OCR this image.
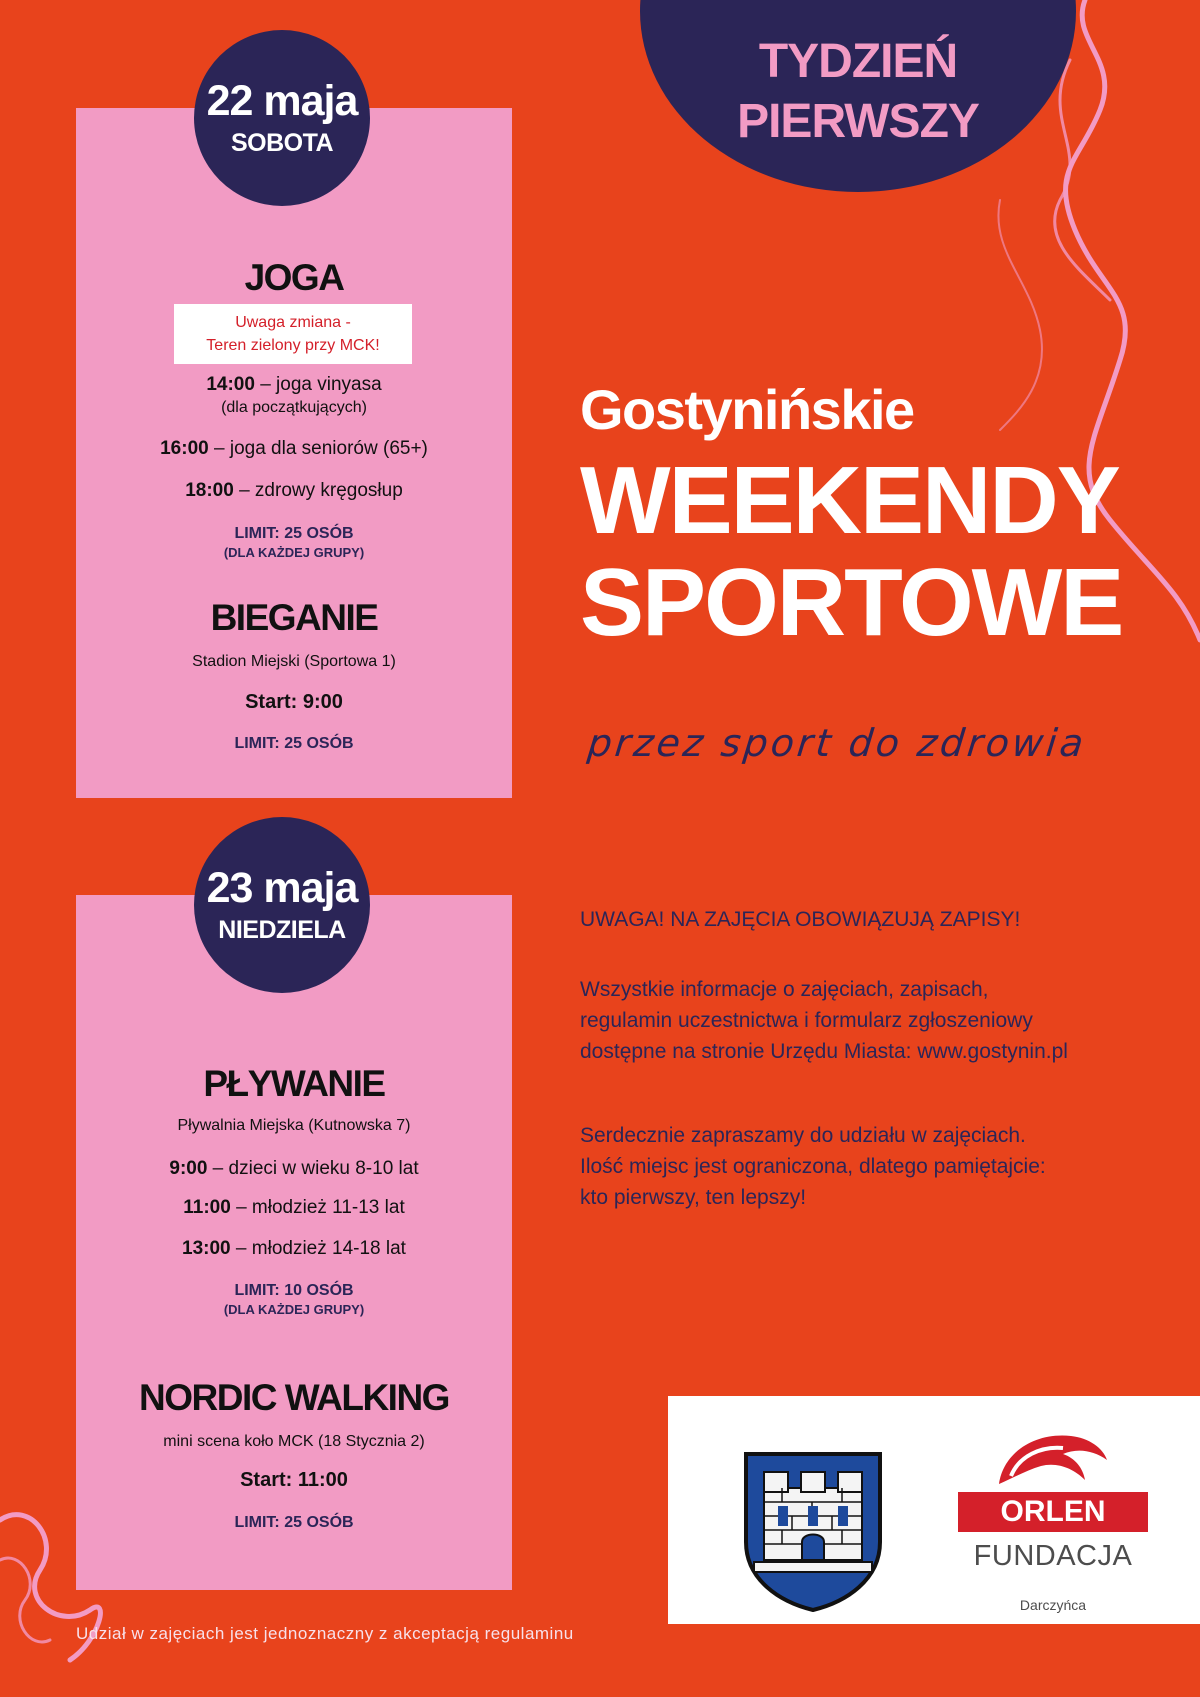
22 maja
SOBOTA
JOGA
Uwaga zmiana -
Teren zielony przy MCK!
14:00 – joga vinyasa
(dla początkujących)
16:00 – joga dla seniorów (65+)
18:00 – zdrowy kręgosłup
LIMIT: 25 OSÓB
(DLA KAŻDEJ GRUPY)
BIEGANIE
Stadion Miejski (Sportowa 1)
Start: 9:00
LIMIT: 25 OSÓB
23 maja
NIEDZIELA
PŁYWANIE
Pływalnia Miejska (Kutnowska 7)
9:00 – dzieci w wieku 8-10 lat
11:00 – młodzież 11-13 lat
13:00 – młodzież 14-18 lat
LIMIT: 10 OSÓB
(DLA KAŻDEJ GRUPY)
NORDIC WALKING
mini scena koło MCK (18 Stycznia 2)
Start: 11:00
LIMIT: 25 OSÓB
TYDZIEŃ
PIERWSZY
Gostynińskie
WEEKENDY
SPORTOWE
przez sport do zdrowia
UWAGA! NA ZAJĘCIA OBOWIĄZUJĄ ZAPISY!
Wszystkie informacje o zajęciach, zapisach,
regulamin uczestnictwa i formularz zgłoszeniowy
dostępne na stronie Urzędu Miasta: www.gostynin.pl
Serdecznie zapraszamy do udziału w zajęciach.
Ilość miejsc jest ograniczona, dlatego pamiętajcie:
kto pierwszy, ten lepszy!
ORLEN
FUNDACJA
Darczyńca
Udział w zajęciach jest jednoznaczny z akceptacją regulaminu
